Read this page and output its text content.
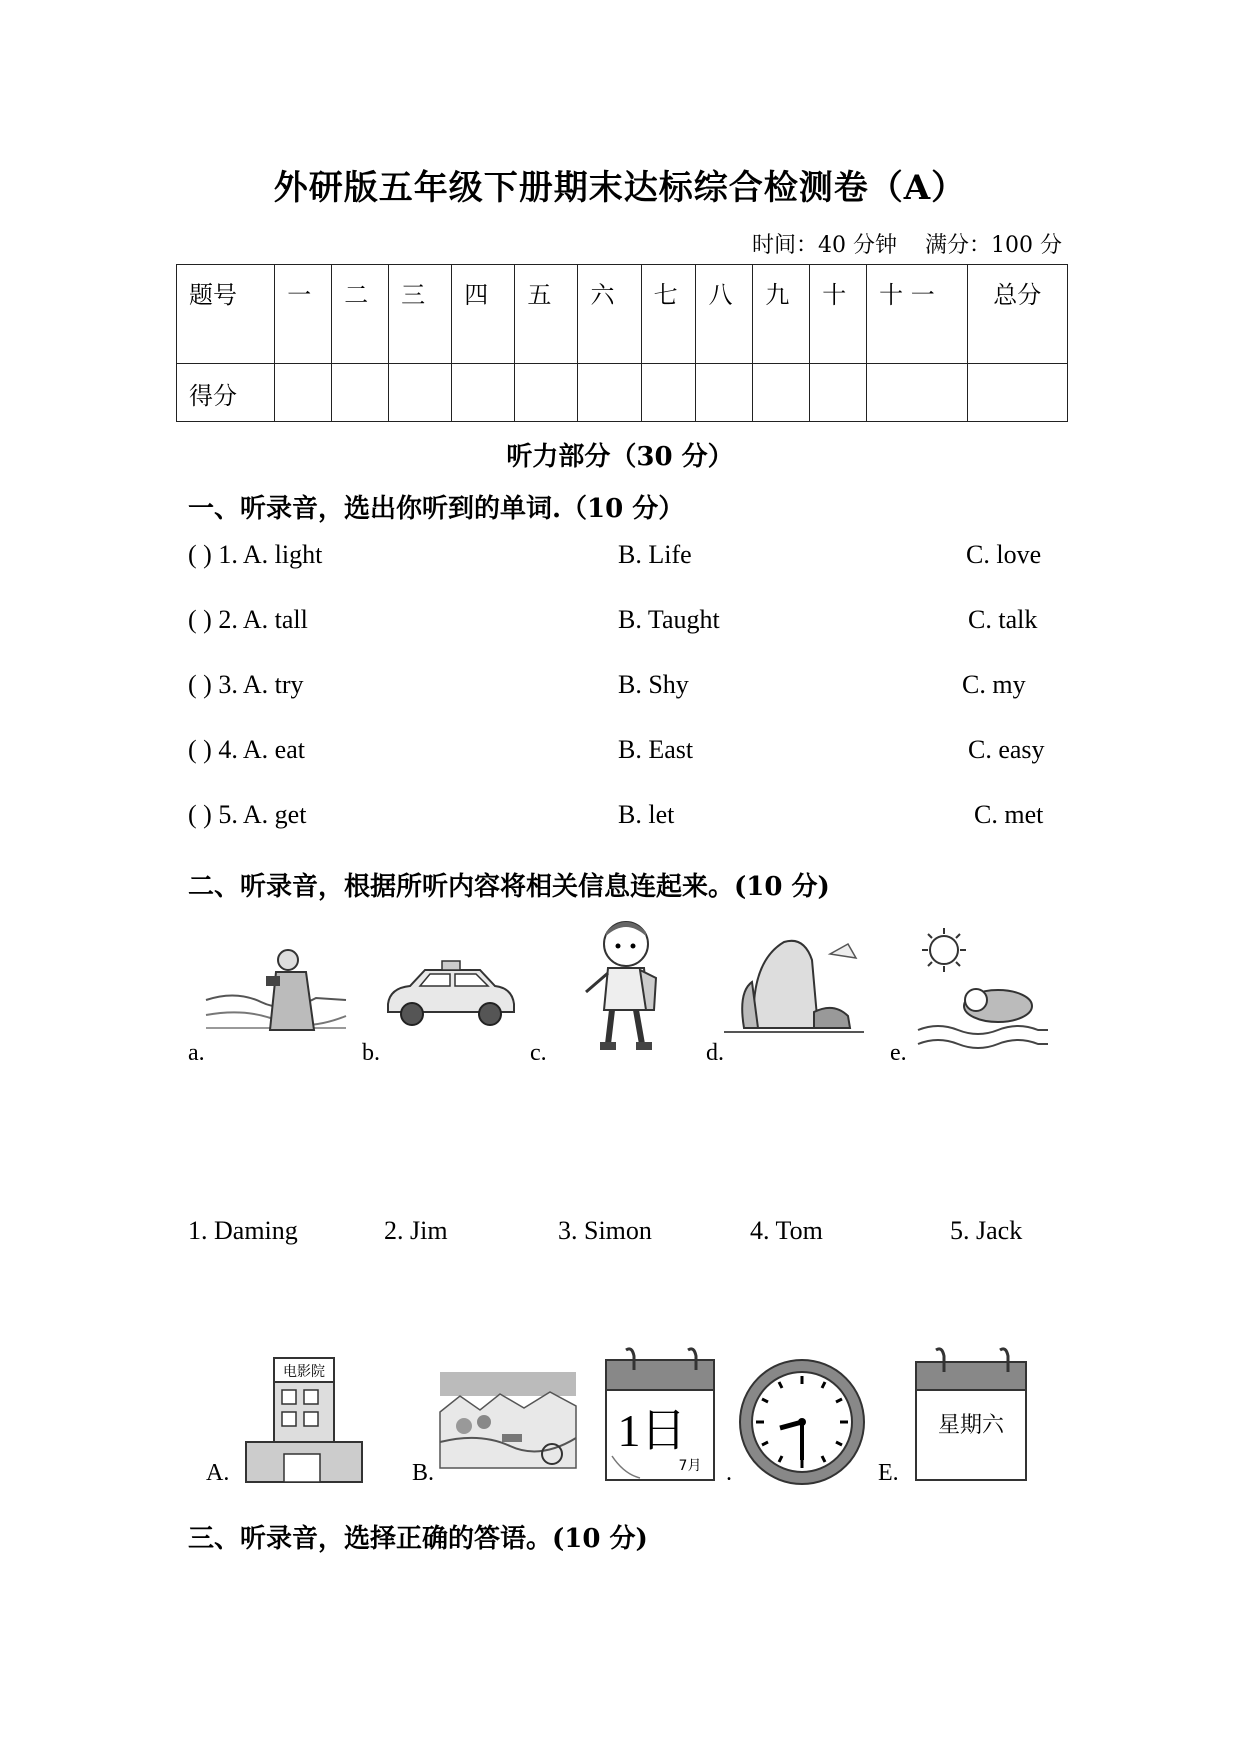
外研版五年级下册期末达标综合检测卷（A）
时间：40 分钟 满分：100 分
题号	一	二	三	四	五	六	七	八	九	十	十 一	总分
得分												
听力部分（30 分）
一、听录音，选出你听到的单词.（10 分）
( ) 1. A. light	B. Life	C. love
( ) 2. A. tall	B. Taught	C. talk
( ) 3. A. try	B. Shy	C. my
( ) 4. A. eat	B. East	C. easy
( ) 5. A. get	B. let	C. met
二、听录音，根据所听内容将相关信息连起来。(10 分)
a.	b.	c.	d.	e.
1. Daming	2. Jim	3. Simon	4. Tom	5. Jack
电影院
A.	B.
1日
7月 .
星期六
E.
三、听录音，选择正确的答语。(10 分)
